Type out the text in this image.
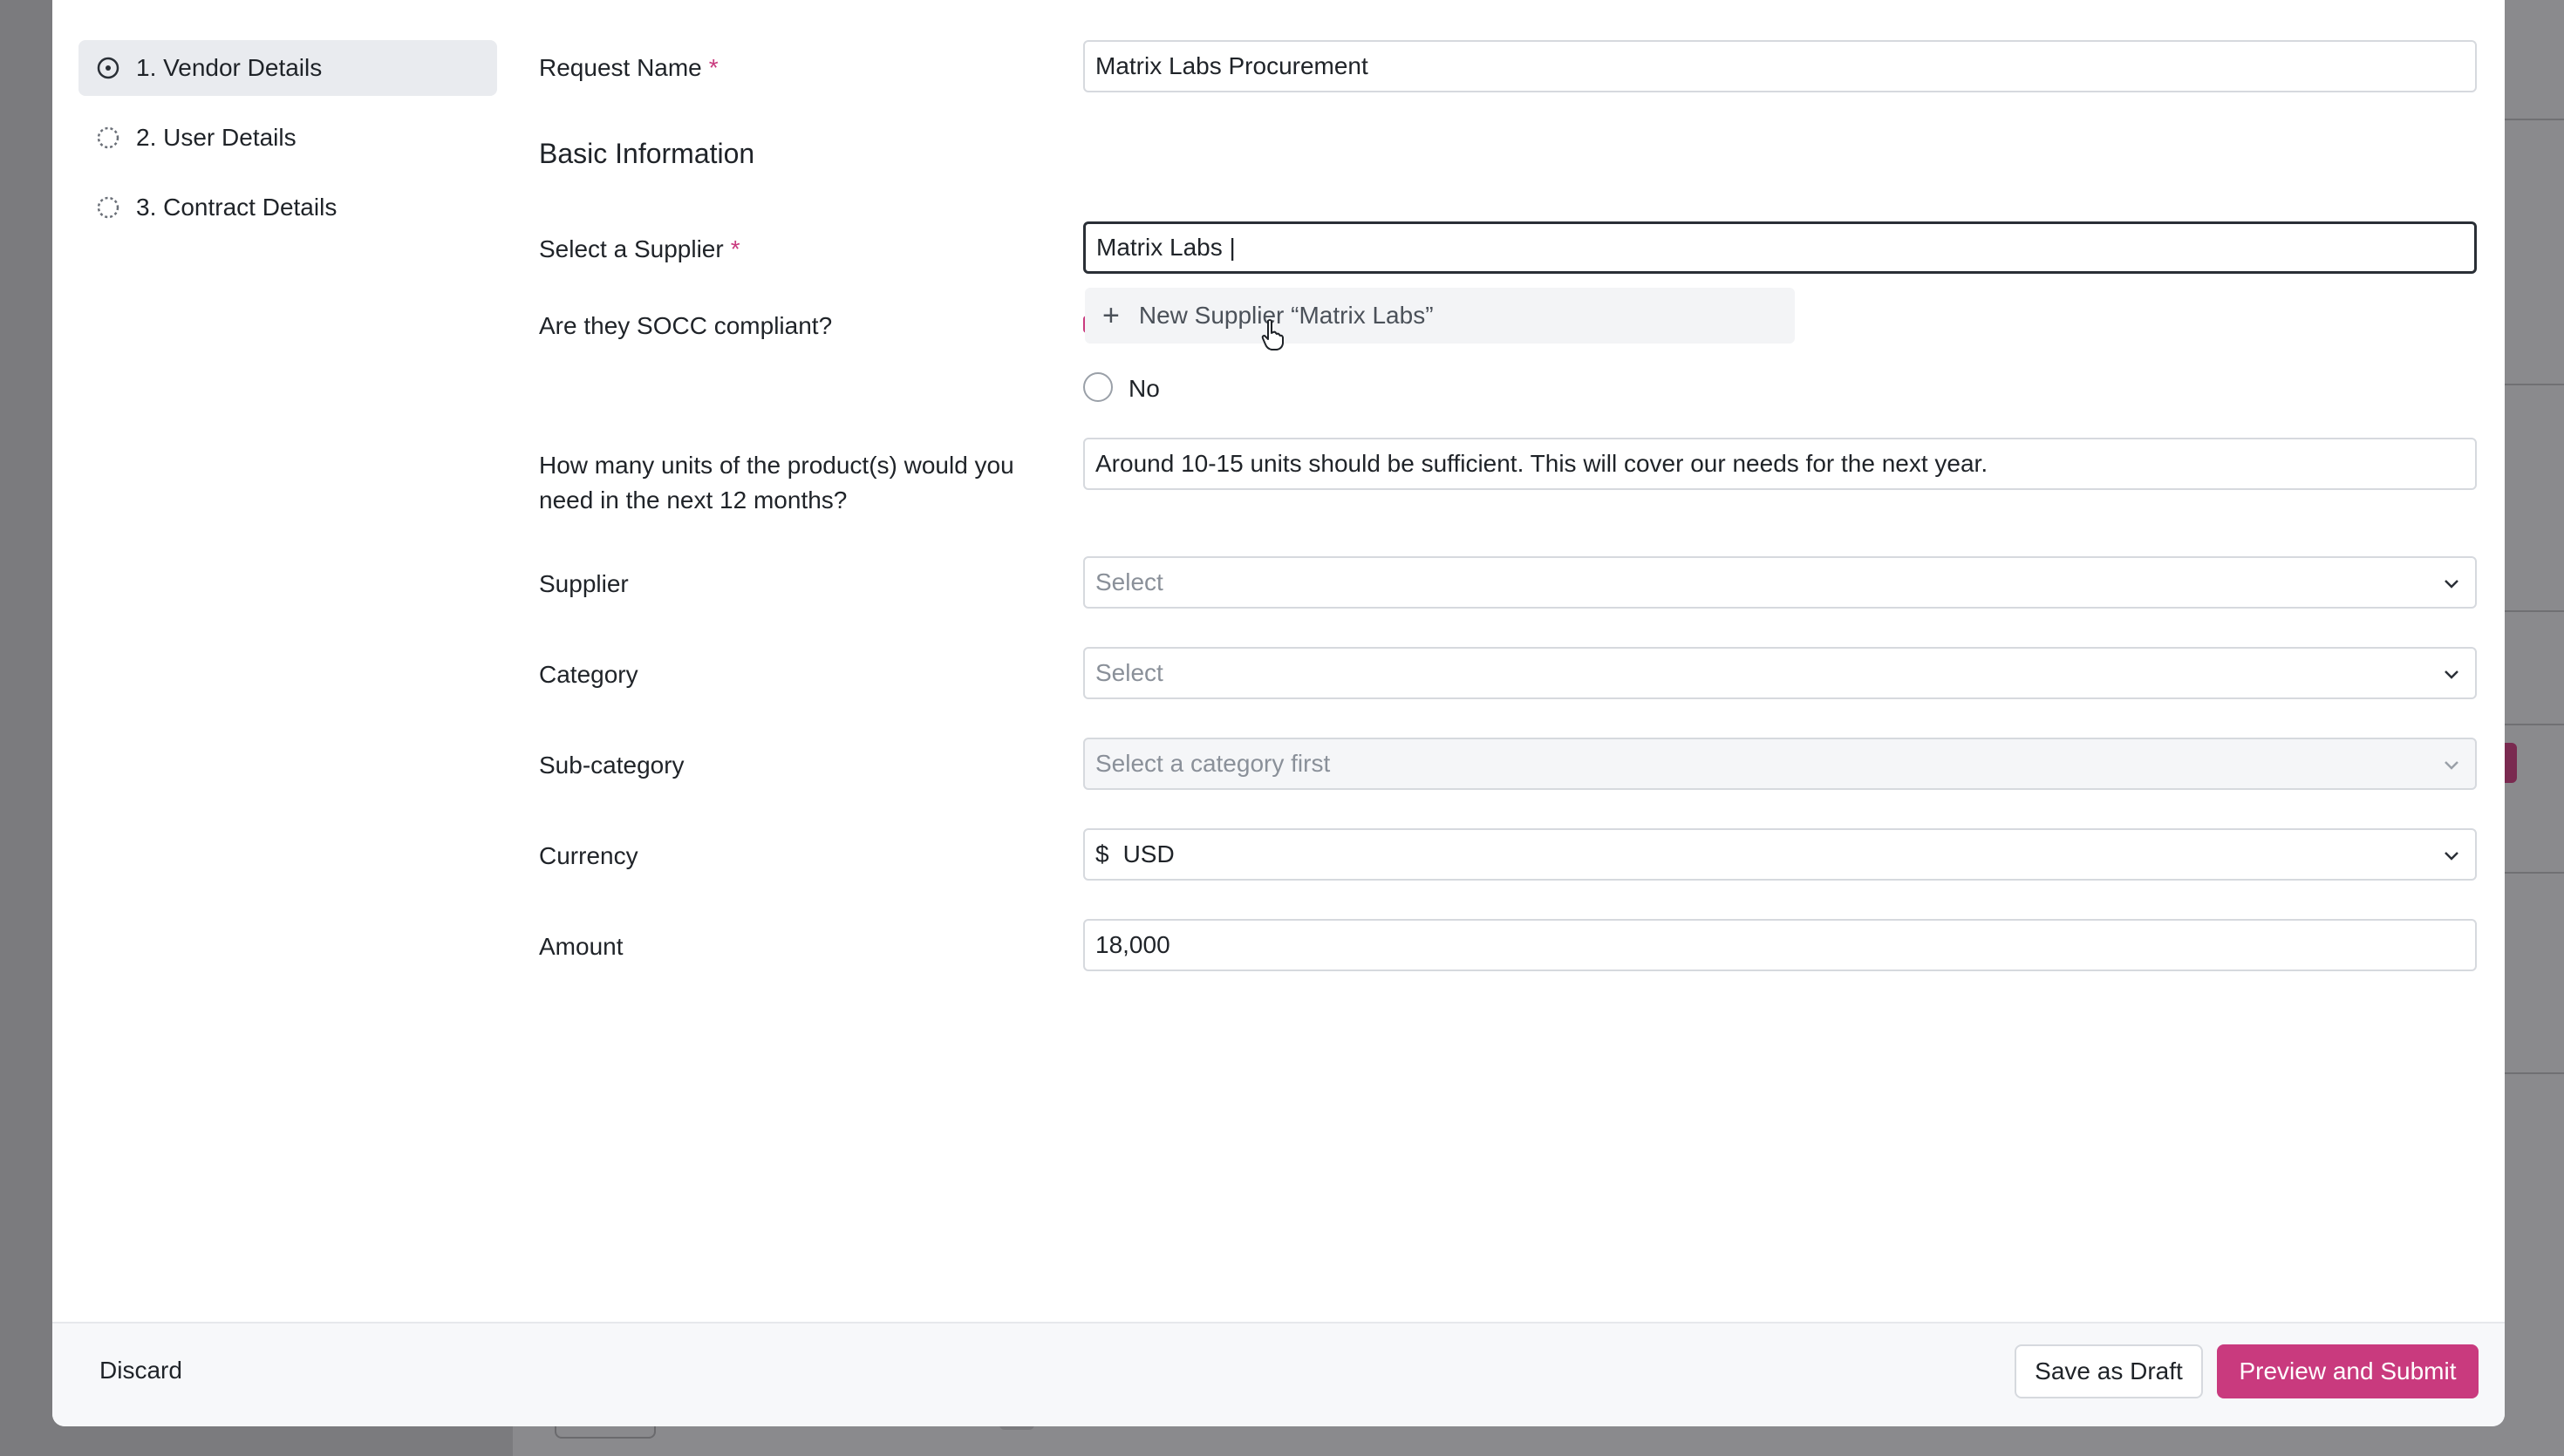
1. Vendor Details
2. User Details
3. Contract Details
Request Name *	Matrix Labs Procurement
Basic Information
Select a Supplier *	Matrix Labs |
Are they SOCC compliant?
No
+ New Supplier “Matrix Labs”
How many units of the product(s) would you
need in the next 12 months?
Around 10-15 units should be sufficient. This will cover our needs for the next year.
Supplier	Select
Category	Select
Sub-category	Select a category first
Currency	$ USD
Amount	18,000
Discard	Save as Draft	Preview and Submit
